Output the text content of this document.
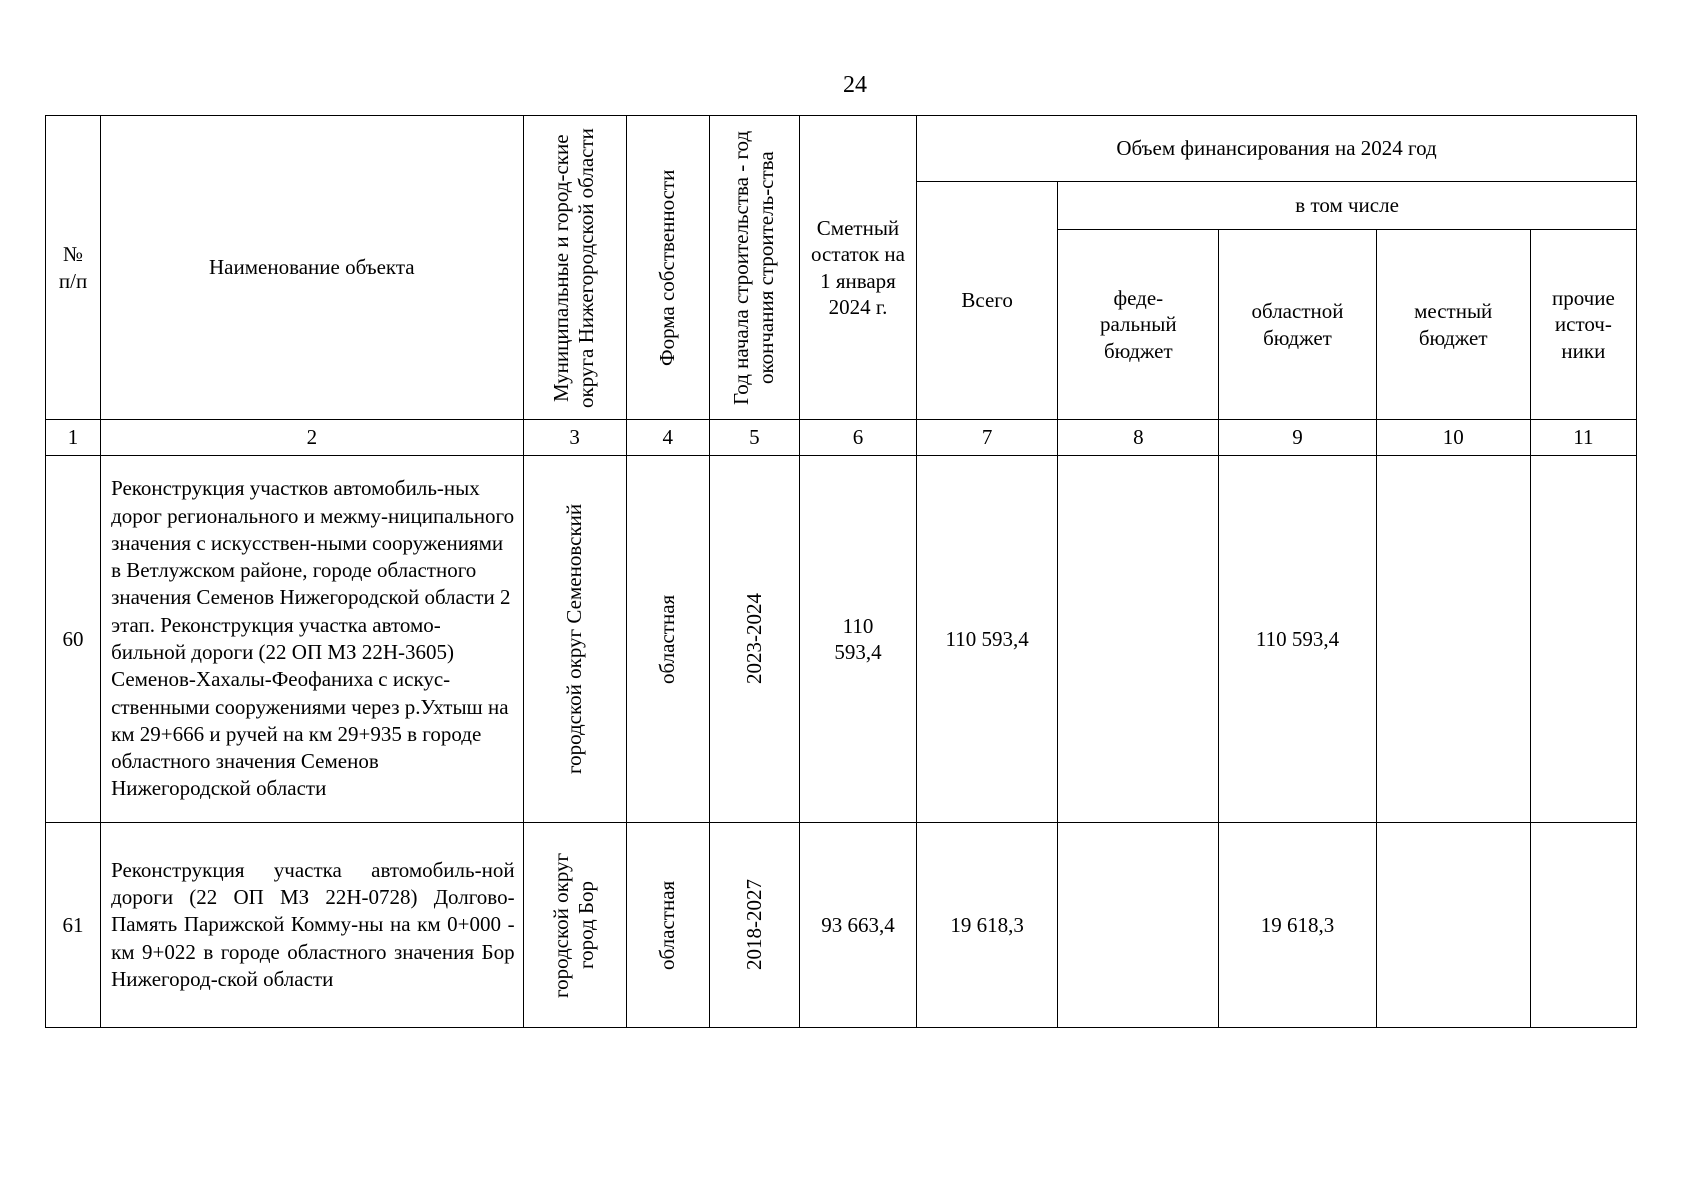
24
№
п/п	Наименование объекта	Муниципальные и город-ские округа Нижегородской области	Форма собственности	Год начала строительства - год окончания строитель-ства	Сметный остаток на 1 января 2024 г.	Объем финансирования на 2024 год				
						Всего	в том числе			
							феде-ральный бюджет	областной бюджет	местный бюджет	прочие источ-ники
1	2	3	4	5	6	7	8	9	10	11
60	Реконструкция участков автомобиль-ных дорог регионального и межму-ниципального значения с искусствен-ными сооружениями в Ветлужском районе, городе областного значения Семенов Нижегородской области 2 этап. Реконструкция участка автомо-бильной дороги (22 ОП МЗ 22Н-3605) Семенов-Хахалы-Феофаниха с искус-ственными сооружениями через р.Ухтыш на км 29+666 и ручей на км 29+935 в городе областного значения Семенов Нижегородской области	городской округ Семеновский	областная	2023-2024	110 593,4	110 593,4		110 593,4		
61	Реконструкция участка автомобиль-ной дороги (22 ОП МЗ 22Н-0728) Долгово-Память Парижской Комму-ны на км 0+000 - км 9+022 в городе областного значения Бор Нижегород-ской области	городской округ город Бор	областная	2018-2027	93 663,4	19 618,3		19 618,3		
